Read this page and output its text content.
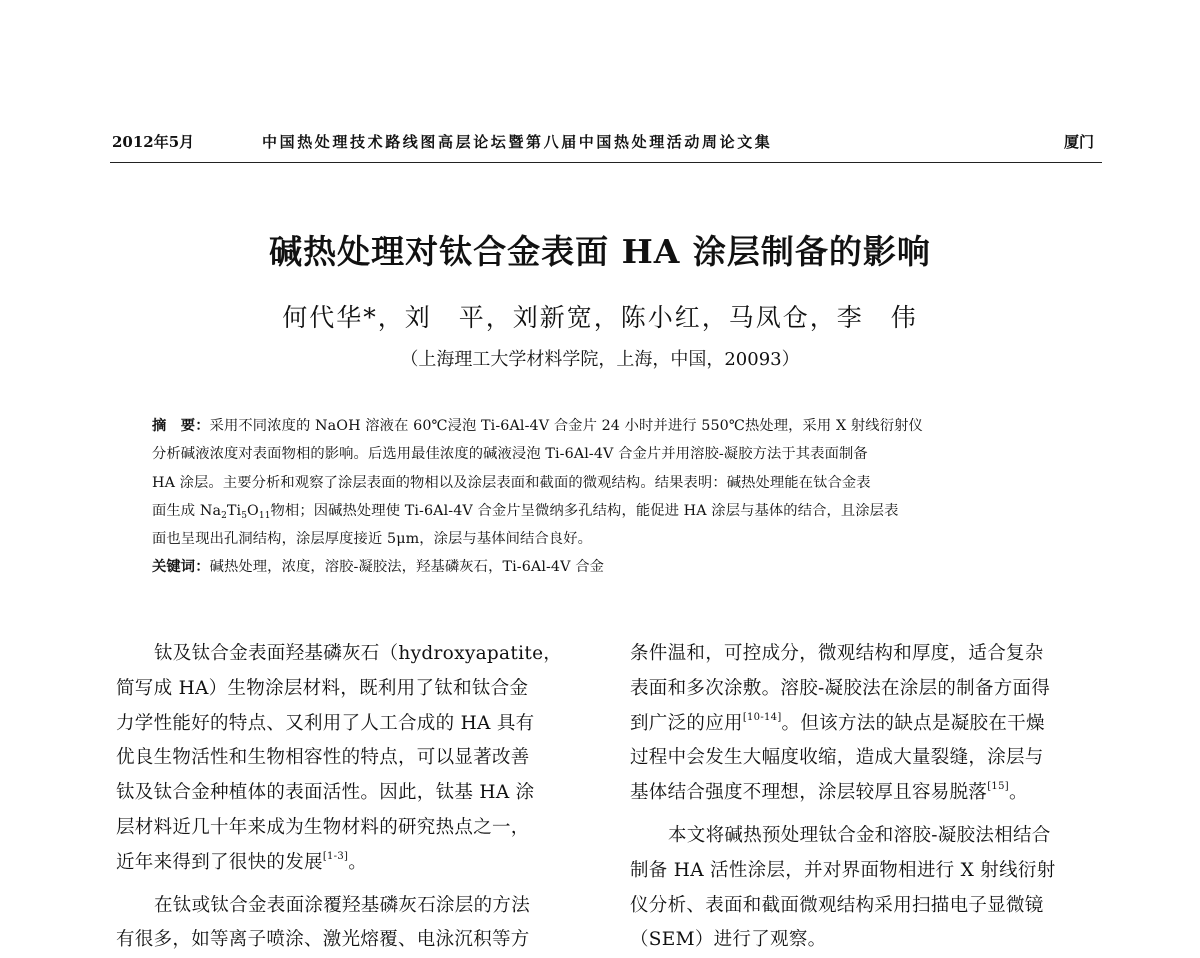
2012年5月	中国热处理技术路线图高层论坛暨第八届中国热处理活动周论文集	厦门
碱热处理对钛合金表面 HA 涂层制备的影响
何代华*，刘　平，刘新宽，陈小红，马凤仓，李　伟
（上海理工大学材料学院，上海，中国，20093）
摘　要：采用不同浓度的 NaOH 溶液在 60℃浸泡 Ti-6Al-4V 合金片 24 小时并进行 550℃热处理，采用 X 射线衍射仪
分析碱液浓度对表面物相的影响。后选用最佳浓度的碱液浸泡 Ti-6Al-4V 合金片并用溶胶-凝胶方法于其表面制备
HA 涂层。主要分析和观察了涂层表面的物相以及涂层表面和截面的微观结构。结果表明：碱热处理能在钛合金表
面生成 $Na_2Ti_5O_{11}$物相；因碱热处理使 Ti-6Al-4V 合金片呈微纳多孔结构，能促进 HA 涂层与基体的结合，且涂层表
面也呈现出孔洞结构，涂层厚度接近 5μm，涂层与基体间结合良好。
关键词：碱热处理，浓度，溶胶-凝胶法，羟基磷灰石，Ti-6Al-4V 合金
钛及钛合金表面羟基磷灰石（hydroxyapatite，
简写成 HA）生物涂层材料，既利用了钛和钛合金
力学性能好的特点、又利用了人工合成的 HA 具有
优良生物活性和生物相容性的特点，可以显著改善
钛及钛合金种植体的表面活性。因此，钛基 HA 涂
层材料近几十年来成为生物材料的研究热点之一，
近年来得到了很快的发展[1-3]。
在钛或钛合金表面涂覆羟基磷灰石涂层的方法
有很多，如等离子喷涂、激光熔覆、电泳沉积等方
条件温和，可控成分，微观结构和厚度，适合复杂
表面和多次涂敷。溶胶-凝胶法在涂层的制备方面得
到广泛的应用[10-14]。但该方法的缺点是凝胶在干燥
过程中会发生大幅度收缩，造成大量裂缝，涂层与
基体结合强度不理想，涂层较厚且容易脱落[15]。
本文将碱热预处理钛合金和溶胶-凝胶法相结合
制备 HA 活性涂层，并对界面物相进行 X 射线衍射
仪分析、表面和截面微观结构采用扫描电子显微镜
（SEM）进行了观察。
